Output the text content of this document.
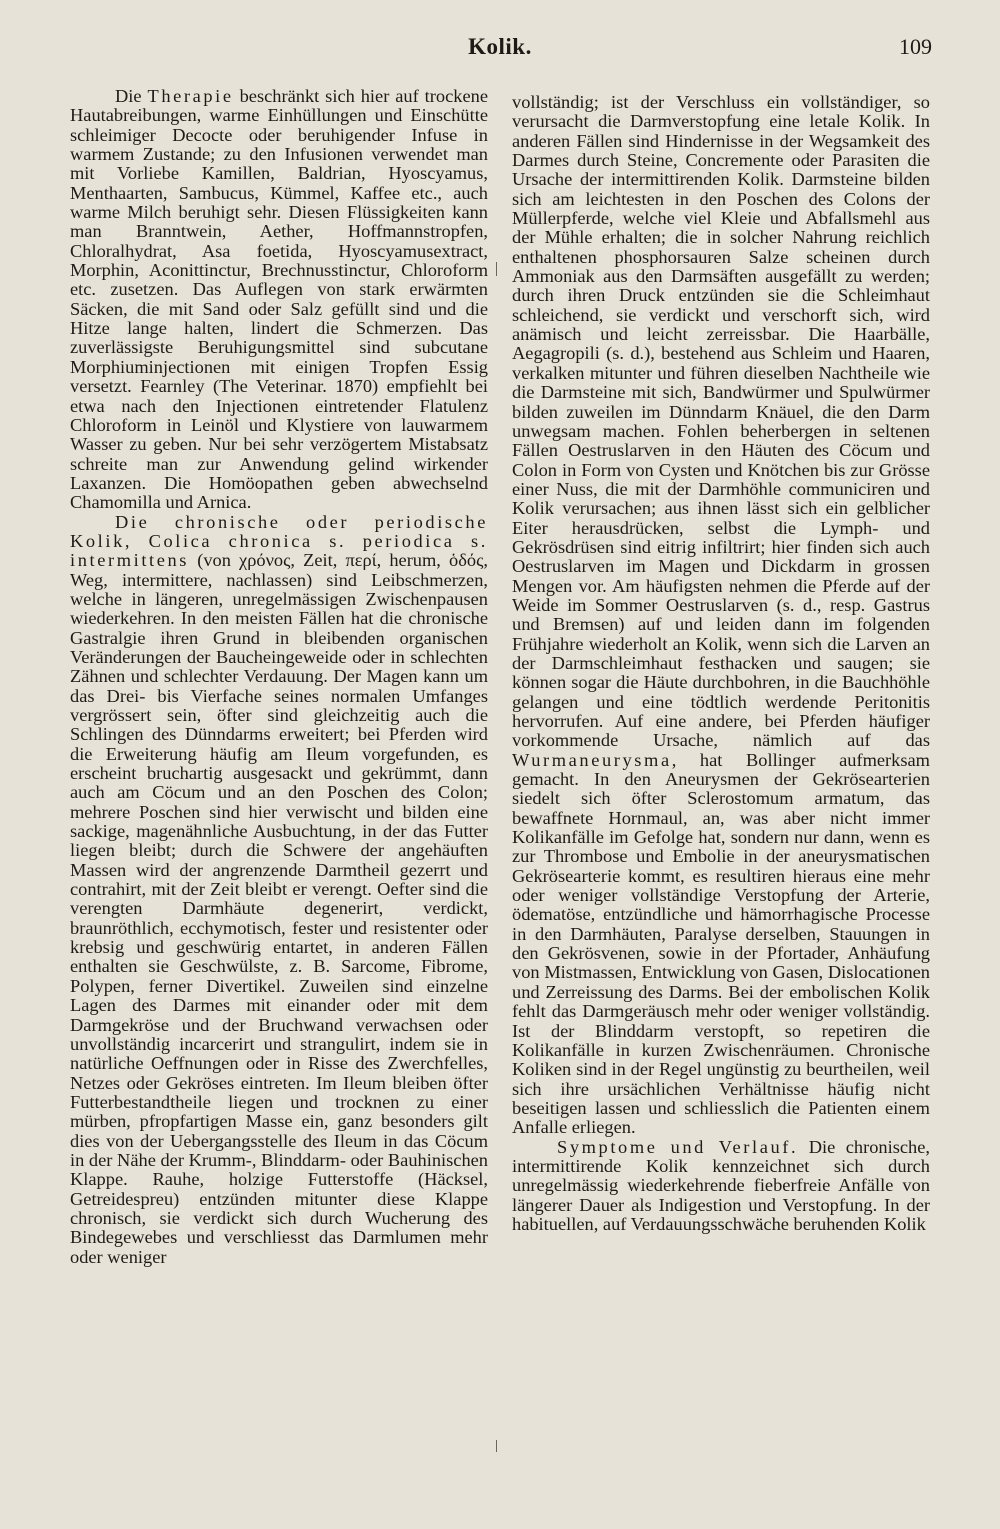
Kolik.	109

Die Therapie beschränkt sich hier auf trockene Hautabreibungen, warme Einhüllungen und Einschütte schleimiger Decocte oder beruhigender Infuse in warmem Zustande; zu den Infusionen verwendet man mit Vorliebe Kamillen, Baldrian, Hyoscyamus, Menthaarten, Sambucus, Kümmel, Kaffee etc., auch warme Milch beruhigt sehr. Diesen Flüssigkeiten kann man Branntwein, Aether, Hoffmannstropfen, Chloralhydrat, Asa foetida, Hyoscyamusextract, Morphin, Aconittinctur, Brechnusstinctur, Chloroform etc. zusetzen. Das Auflegen von stark erwärmten Säcken, die mit Sand oder Salz gefüllt sind und die Hitze lange halten, lindert die Schmerzen. Das zuverlässigste Beruhigungsmittel sind subcutane Morphiuminjectionen mit einigen Tropfen Essig versetzt. Fearnley (The Veterinar. 1870) empfiehlt bei etwa nach den Injectionen eintretender Flatulenz Chloroform in Leinöl und Klystiere von lauwarmem Wasser zu geben. Nur bei sehr verzögertem Mistabsatz schreite man zur Anwendung gelind wirkender Laxanzen. Die Homöopathen geben abwechselnd Chamomilla und Arnica.

Die chronische oder periodische Kolik, Colica chronica s. periodica s. intermittens (von χρόνος, Zeit, περί, herum, ὁδός, Weg, intermittere, nachlassen) sind Leibschmerzen, welche in längeren, unregelmässigen Zwischenpausen wiederkehren. In den meisten Fällen hat die chronische Gastralgie ihren Grund in bleibenden organischen Veränderungen der Baucheingeweide oder in schlechten Zähnen und schlechter Verdauung. Der Magen kann um das Drei- bis Vierfache seines normalen Umfanges vergrössert sein, öfter sind gleichzeitig auch die Schlingen des Dünndarms erweitert; bei Pferden wird die Erweiterung häufig am Ileum vorgefunden, es erscheint bruchartig ausgesackt und gekrümmt, dann auch am Cöcum und an den Poschen des Colon; mehrere Poschen sind hier verwischt und bilden eine sackige, magenähnliche Ausbuchtung, in der das Futter liegen bleibt; durch die Schwere der angehäuften Massen wird der angrenzende Darmtheil gezerrt und contrahirt, mit der Zeit bleibt er verengt. Oefter sind die verengten Darmhäute degenerirt, verdickt, braunröthlich, ecchymotisch, fester und resistenter oder krebsig und geschwürig entartet, in anderen Fällen enthalten sie Geschwülste, z. B. Sarcome, Fibrome, Polypen, ferner Divertikel. Zuweilen sind einzelne Lagen des Darmes mit einander oder mit dem Darmgekröse und der Bruchwand verwachsen oder unvollständig incarcerirt und strangulirt, indem sie in natürliche Oeffnungen oder in Risse des Zwerchfelles, Netzes oder Gekröses eintreten. Im Ileum bleiben öfter Futterbestandtheile liegen und trocknen zu einer mürben, pfropfartigen Masse ein, ganz besonders gilt dies von der Uebergangsstelle des Ileum in das Cöcum in der Nähe der Krumm-, Blinddarm- oder Bauhinischen Klappe. Rauhe, holzige Futterstoffe (Häcksel, Getreidespreu) entzünden mitunter diese Klappe chronisch, sie verdickt sich durch Wucherung des Bindegewebes und verschliesst das Darmlumen mehr oder weniger

vollständig; ist der Verschluss ein vollständiger, so verursacht die Darmverstopfung eine letale Kolik. In anderen Fällen sind Hindernisse in der Wegsamkeit des Darmes durch Steine, Concremente oder Parasiten die Ursache der intermittirenden Kolik. Darmsteine bilden sich am leichtesten in den Poschen des Colons der Müllerpferde, welche viel Kleie und Abfallsmehl aus der Mühle erhalten; die in solcher Nahrung reichlich enthaltenen phosphorsauren Salze scheinen durch Ammoniak aus den Darmsäften ausgefällt zu werden; durch ihren Druck entzünden sie die Schleimhaut schleichend, sie verdickt und verschorft sich, wird anämisch und leicht zerreissbar. Die Haarbälle, Aegagropili (s. d.), bestehend aus Schleim und Haaren, verkalken mitunter und führen dieselben Nachtheile wie die Darmsteine mit sich, Bandwürmer und Spulwürmer bilden zuweilen im Dünndarm Knäuel, die den Darm unwegsam machen. Fohlen beherbergen in seltenen Fällen Oestruslarven in den Häuten des Cöcum und Colon in Form von Cysten und Knötchen bis zur Grösse einer Nuss, die mit der Darmhöhle communiciren und Kolik verursachen; aus ihnen lässt sich ein gelblicher Eiter herausdrücken, selbst die Lymph- und Gekrösdrüsen sind eitrig infiltrirt; hier finden sich auch Oestruslarven im Magen und Dickdarm in grossen Mengen vor. Am häufigsten nehmen die Pferde auf der Weide im Sommer Oestruslarven (s. d., resp. Gastrus und Bremsen) auf und leiden dann im folgenden Frühjahre wiederholt an Kolik, wenn sich die Larven an der Darmschleimhaut festhacken und saugen; sie können sogar die Häute durchbohren, in die Bauchhöhle gelangen und eine tödtlich werdende Peritonitis hervorrufen. Auf eine andere, bei Pferden häufiger vorkommende Ursache, nämlich auf das Wurmaneurysma, hat Bollinger aufmerksam gemacht. In den Aneurysmen der Gekrösearterien siedelt sich öfter Sclerostomum armatum, das bewaffnete Hornmaul, an, was aber nicht immer Kolikanfälle im Gefolge hat, sondern nur dann, wenn es zur Thrombose und Embolie in der aneurysmatischen Gekrösearterie kommt, es resultiren hieraus eine mehr oder weniger vollständige Verstopfung der Arterie, ödematöse, entzündliche und hämorrhagische Processe in den Darmhäuten, Paralyse derselben, Stauungen in den Gekrösvenen, sowie in der Pfortader, Anhäufung von Mistmassen, Entwicklung von Gasen, Dislocationen und Zerreissung des Darms. Bei der embolischen Kolik fehlt das Darmgeräusch mehr oder weniger vollständig. Ist der Blinddarm verstopft, so repetiren die Kolikanfälle in kurzen Zwischenräumen. Chronische Koliken sind in der Regel ungünstig zu beurtheilen, weil sich ihre ursächlichen Verhältnisse häufig nicht beseitigen lassen und schliesslich die Patienten einem Anfalle erliegen.

Symptome und Verlauf. Die chronische, intermittirende Kolik kennzeichnet sich durch unregelmässig wiederkehrende fieberfreie Anfälle von längerer Dauer als Indigestion und Verstopfung. In der habituellen, auf Verdauungsschwäche beruhenden Kolik
